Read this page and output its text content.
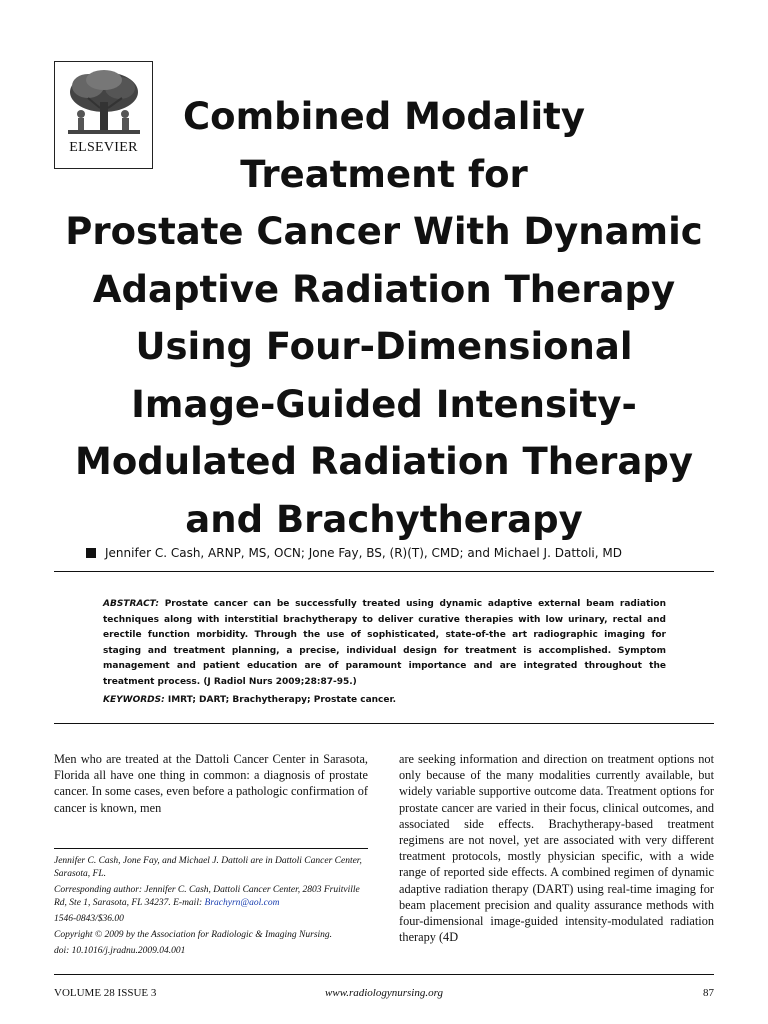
ELSEVIER
Combined Modality
Treatment for
Prostate Cancer With Dynamic
Adaptive Radiation Therapy
Using Four-Dimensional
Image-Guided Intensity-
Modulated Radiation Therapy
and Brachytherapy
Jennifer C. Cash, ARNP, MS, OCN; Jone Fay, BS, (R)(T), CMD; and Michael J. Dattoli, MD

ABSTRACT: Prostate cancer can be successfully treated using dynamic adaptive external beam radiation techniques along with interstitial brachytherapy to deliver curative therapies with low urinary, rectal and erectile function morbidity. Through the use of sophisticated, state-of-the art radiographic imaging for staging and treatment planning, a precise, individual design for treatment is accomplished. Symptom management and patient education are of paramount importance and are integrated throughout the treatment process. (J Radiol Nurs 2009;28:87-95.)

KEYWORDS: IMRT; DART; Brachytherapy; Prostate cancer.

Men who are treated at the Dattoli Cancer Center in Sarasota, Florida all have one thing in common: a diagnosis of prostate cancer. In some cases, even before a pathologic confirmation of cancer is known, men

are seeking information and direction on treatment options not only because of the many modalities currently available, but widely variable supportive outcome data. Treatment options for prostate cancer are varied in their focus, clinical outcomes, and associated side effects. Brachytherapy-based treatment regimens are not novel, yet are associated with very different treatment protocols, mostly physician specific, with a wide range of reported side effects. A combined regimen of dynamic adaptive radiation therapy (DART) using real-time imaging for beam placement precision and quality assurance methods with four-dimensional image-guided intensity-modulated radiation therapy (4D

Jennifer C. Cash, Jone Fay, and Michael J. Dattoli are in Dattoli Cancer Center, Sarasota, FL.

Corresponding author: Jennifer C. Cash, Dattoli Cancer Center, 2803 Fruitville Rd, Ste 1, Sarasota, FL 34237. E-mail: Brachyrn@aol.com

1546-0843/$36.00

Copyright © 2009 by the Association for Radiologic & Imaging Nursing.

doi: 10.1016/j.jradnu.2009.04.001

VOLUME 28 ISSUE 3	www.radiologynursing.org	87
